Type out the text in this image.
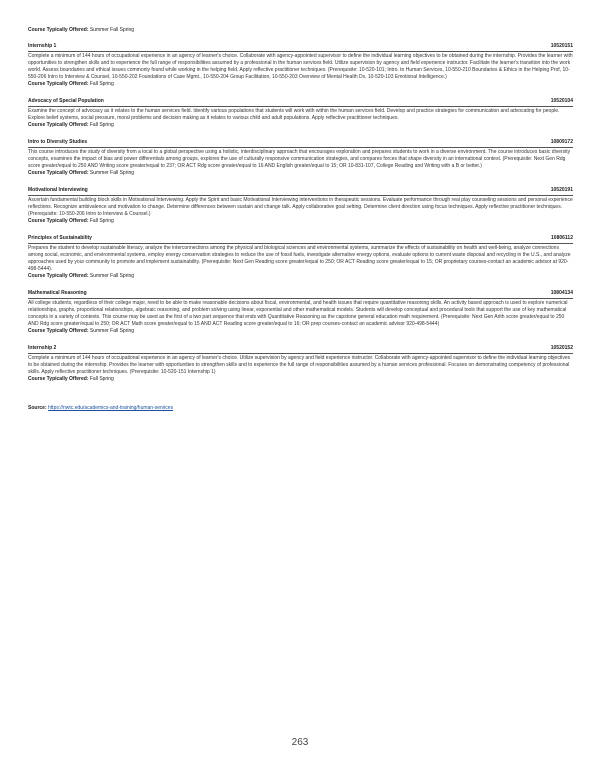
Course Typically Offered: Summer Fall Spring
Internship 1	10520151
Complete a minimum of 144 hours of occupational experience in an agency of learner's choice. Collaborate with agency-appointed supervisor to define the individual learning objectives to be obtained during the internship. Provides the learner with opportunities to strengthen skills and to experience the full range of responsibilities assumed by a professional in the human services field. Utilize supervision by agency and field experience instructor. Facilitate the learner's transition into the work world. Assess boundaries and ethical issues commonly found while working in the helping field. Apply reflective practitioner techniques. (Prerequisite: 10-520-101; Intro. to Human Services, 10-550-210 Boundaries & Ethics in the Helping Prof, 10-550-206 Intro to Interview & Counsel, 10-550-202 Foundations of Case Mgmt., 10-550-204 Group Facilitation, 10-550-203 Overview of Mental Health Dx, 10-520-103 Emotional Intelligence.)
Course Typically Offered: Fall Spring
Advocacy of Special Population	10520104
Examine the concept of advocacy as it relates to the human services field. Identify various populations that students will work with within the human services field. Develop and practice strategies for communication and advocating for people. Explore belief systems, social pressure, moral problems and decision making as it relates to various child and adult populations. Apply reflective practitioner techniques.
Course Typically Offered: Fall Spring
Intro to Diversity Studies	10809172
This course introduces the study of diversity from a local to a global perspective using a holistic, interdisciplinary approach that encourages exploration and prepares students to work in a diverse environment. The course introduces basic diversity concepts, examines the impact of bias and power differentials among groups, explores the use of culturally responsive communication strategies, and compares forces that shape diversity in an international context. (Prerequisite: Next Gen Rdg score greater/equal to 250 AND Writing score greater/equal to 237; OR ACT Rdg score greater/equal to 16 AND English greater/equal to 15; OR 10-831-107, College Reading and Writing with a B or better.)
Course Typically Offered: Summer Fall Spring
Motivational Interviewing	10520191
Ascertain fundamental building block skills in Motivational Interviewing. Apply the Spirit and basic Motivational Interviewing interventions in therapeutic sessions. Evaluate performance through real play counseling sessions and personal experience reflections. Recognize ambivalence and motivation to change. Determine differences between sustain and change talk. Apply collaborative goal setting. Determine client direction using focus techniques. Apply reflective practitioner techniques. (Prerequisite: 10-550-206 Intro to Interview & Counsel.)
Course Typically Offered: Fall Spring
Principles of Sustainability	10806112
Prepares the student to develop sustainable literacy, analyze the interconnections among the physical and biological sciences and environmental systems, summarize the effects of sustainability on health and well-being, analyze connections among social, economic, and environmental systems, employ energy conservation strategies to reduce the use of fossil fuels, investigate alternative energy options, evaluate options to current waste disposal and recycling in the U.S., and analyze approaches used by your community to promote and implement sustainability. (Prerequisite: Next Gen Reading score greater/equal to 250; OR ACT Reading score greater/equal to 15; OR proprietary courses-contact an academic advisor at 920-498-5444).
Course Typically Offered: Summer Fall Spring
Mathematical Reasoning	10804134
All college students, regardless of their college major, need to be able to make reasonable decisions about fiscal, environmental, and health issues that require quantitative reasoning skills. An activity based approach is used to explore numerical relationships, graphs, proportional relationships, algebraic reasoning, and problem solving using linear, exponential and other mathematical models. Students will develop conceptual and procedural tools that support the use of key mathematical concepts in a variety of contexts. This course may be used as the first of a two part sequence that ends with Quantitative Reasoning as the capstone general education math requirement. (Prerequisite: Next Gen Arith score greater/equal to 250 AND Rdg score greater/equal to 250; OR ACT Math score greater/equal to 15 AND ACT Reading score greater/equal to 16; OR prep courses-contact an academic advisor 920-498-5444)
Course Typically Offered: Summer Fall Spring
Internship 2	10520152
Complete a minimum of 144 hours of occupational experience in an agency of learner's choice. Utilize supervision by agency and field experience instructor. Collaborate with agency-appointed supervisor to define the individual learning objectives to be obtained during the internship. Provides the learner with opportunities to strengthen skills and to experience the full range of responsibilities assumed by a human services professional. Focuses on demonstrating competency of professional skills. Apply reflective practitioner techniques. (Prerequisite: 10-520-151 Internship 1)
Course Typically Offered: Fall Spring
Source: https://nwtc.edu/academics-and-training/human-services
263
